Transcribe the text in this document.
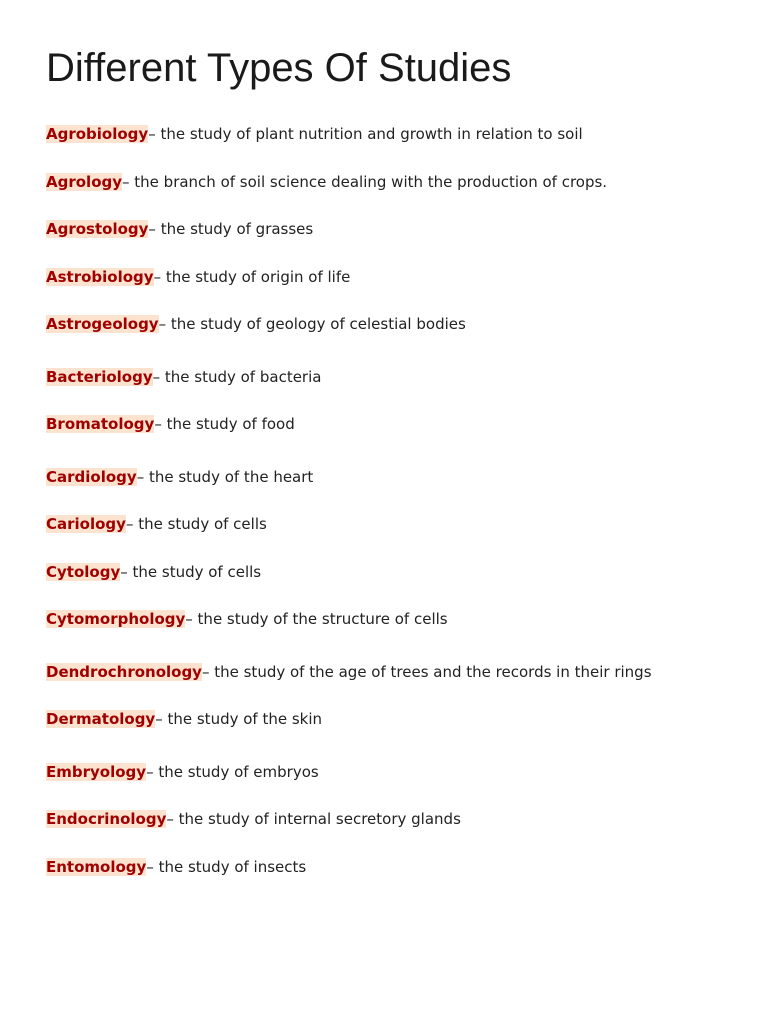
Different Types Of Studies
Agrobiology– the study of plant nutrition and growth in relation to soil
Agrology– the branch of soil science dealing with the production of crops.
Agrostology– the study of grasses
Astrobiology– the study of origin of life
Astrogeology– the study of geology of celestial bodies
Bacteriology– the study of bacteria
Bromatology– the study of food
Cardiology– the study of the heart
Cariology– the study of cells
Cytology– the study of cells
Cytomorphology– the study of the structure of cells
Dendrochronology– the study of the age of trees and the records in their rings
Dermatology– the study of the skin
Embryology– the study of embryos
Endocrinology– the study of internal secretory glands
Entomology– the study of insects
